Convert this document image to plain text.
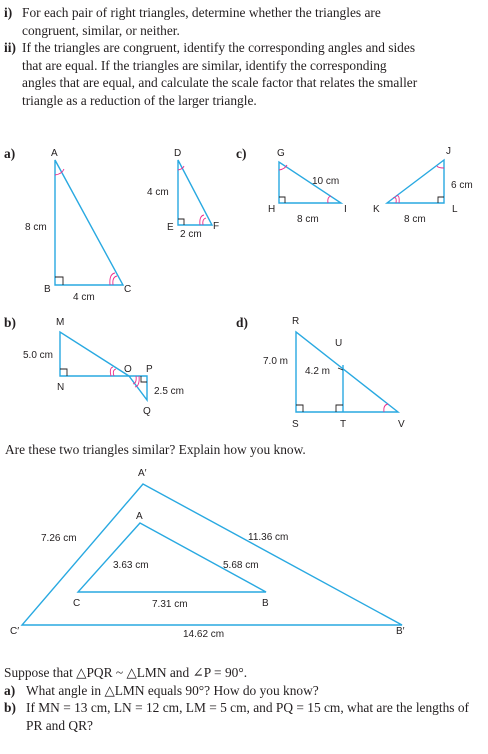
i) For each pair of right triangles, determine whether the triangles are congruent, similar, or neither.
ii) If the triangles are congruent, identify the corresponding angles and sides that are equal. If the triangles are similar, identify the corresponding angles that are equal, and calculate the scale factor that relates the smaller triangle as a reduction of the larger triangle.
a)
b)
c)
d)
A
B	C
8 cm
4 cm
D
E	F
4 cm
2 cm
G
H	I
10 cm
8 cm
J
K	L
6 cm
8 cm
M
N
O
5.0 cm
P
Q
2.5 cm
R
S	T
U
V
7.0 m
4.2 m
A′
C′	B′
7.26 cm	11.36 cm
14.62 cm
A
C	B
3.63 cm	5.68 cm
7.31 cm
Are these two triangles similar? Explain how you know.
Suppose that △PQR ~ △LMN and ∠P = 90°.
a) What angle in △LMN equals 90°? How do you know?
b) If MN = 13 cm, LN = 12 cm, LM = 5 cm, and PQ = 15 cm, what are the lengths of PR and QR?
